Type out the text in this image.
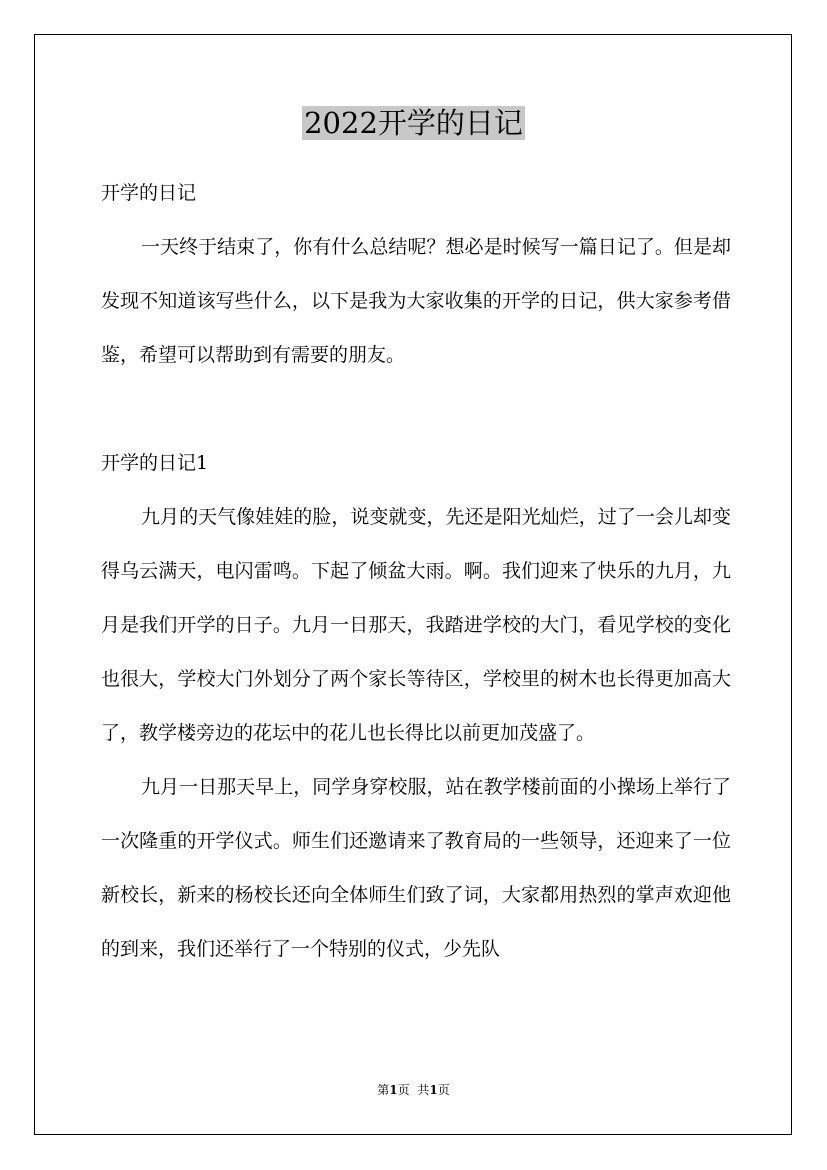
2022开学的日记

开学的日记

一天终于结束了，你有什么总结呢？想必是时候写一篇日记了。但是却发现不知道该写些什么，以下是我为大家收集的开学的日记，供大家参考借鉴，希望可以帮助到有需要的朋友。

开学的日记1

九月的天气像娃娃的脸，说变就变，先还是阳光灿烂，过了一会儿却变得乌云满天，电闪雷鸣。下起了倾盆大雨。啊。我们迎来了快乐的九月，九月是我们开学的日子。九月一日那天，我踏进学校的大门，看见学校的变化也很大，学校大门外划分了两个家长等待区，学校里的树木也长得更加高大了，教学楼旁边的花坛中的花儿也长得比以前更加茂盛了。

九月一日那天早上，同学身穿校服，站在教学楼前面的小操场上举行了一次隆重的开学仪式。师生们还邀请来了教育局的一些领导，还迎来了一位新校长，新来的杨校长还向全体师生们致了词，大家都用热烈的掌声欢迎他的到来，我们还举行了一个特别的仪式，少先队

第1页 共1页
